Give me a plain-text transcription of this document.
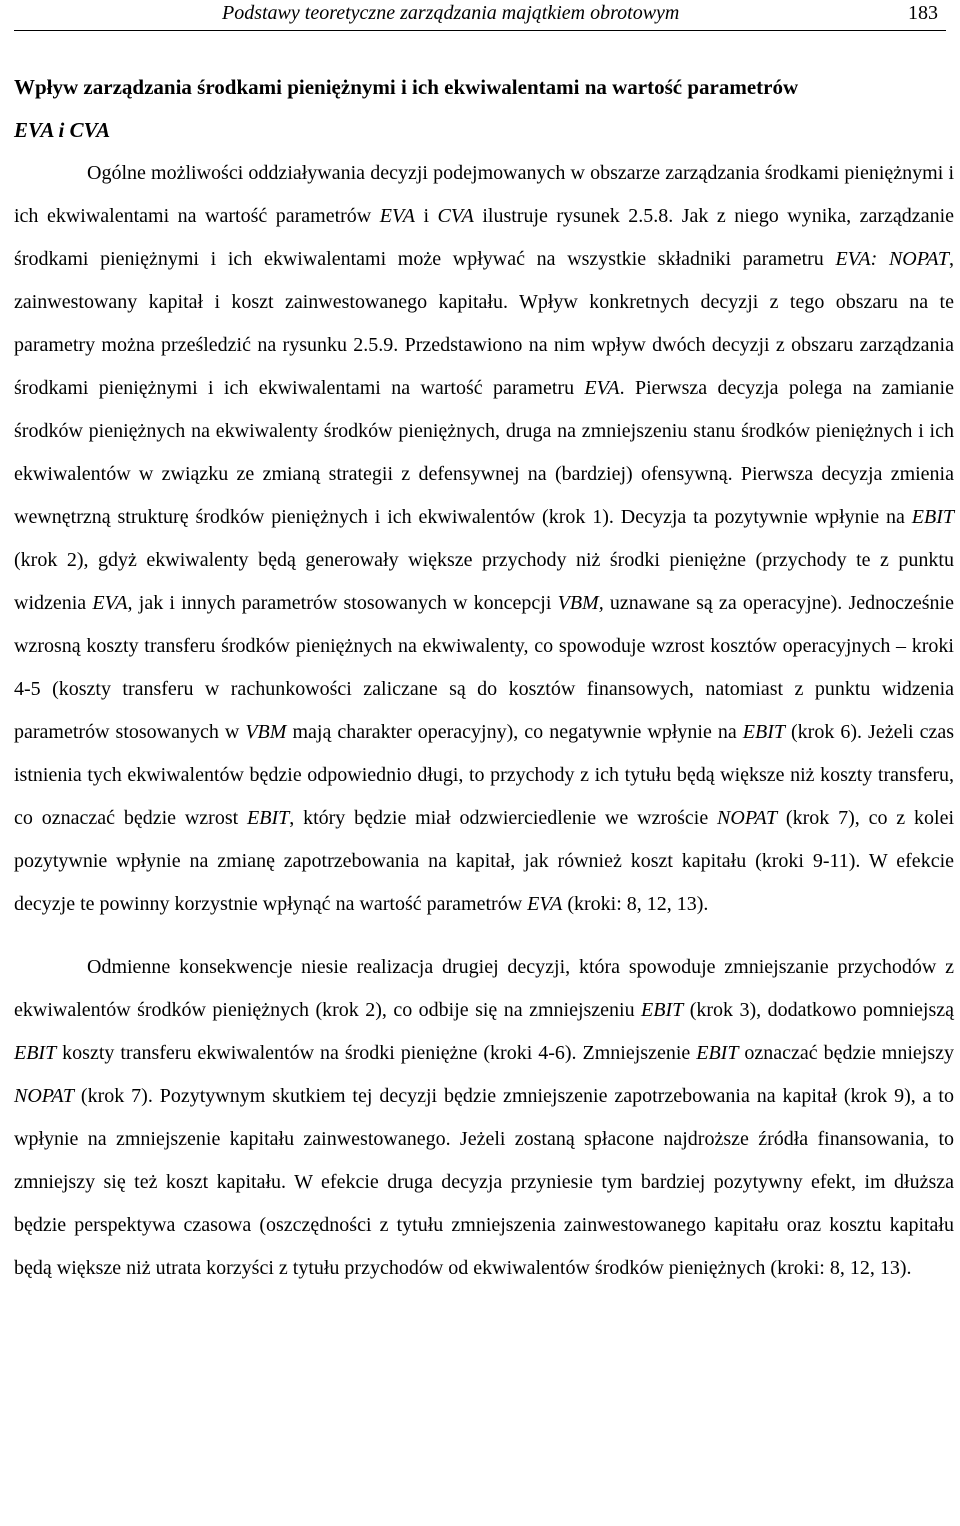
Podstawy teoretyczne zarządzania majątkiem obrotowym	183
Wpływ zarządzania środkami pieniężnymi i ich ekwiwalentami na wartość parametrów
EVA i CVA

Ogólne możliwości oddziaływania decyzji podejmowanych w obszarze zarządzania środkami pieniężnymi i ich ekwiwalentami na wartość parametrów EVA i CVA ilustruje rysunek 2.5.8. Jak z niego wynika, zarządzanie środkami pieniężnymi i ich ekwiwalentami może wpływać na wszystkie składniki parametru EVA: NOPAT, zainwestowany kapitał i koszt zainwestowanego kapitału. Wpływ konkretnych decyzji z tego obszaru na te parametry można prześledzić na rysunku 2.5.9. Przedstawiono na nim wpływ dwóch decyzji z obszaru zarządzania środkami pieniężnymi i ich ekwiwalentami na wartość parametru EVA. Pierwsza decyzja polega na zamianie środków pieniężnych na ekwiwalenty środków pieniężnych, druga na zmniejszeniu stanu środków pieniężnych i ich ekwiwalentów w związku ze zmianą strategii z defensywnej na (bardziej) ofensywną. Pierwsza decyzja zmienia wewnętrzną strukturę środków pieniężnych i ich ekwiwalentów (krok 1). Decyzja ta pozytywnie wpłynie na EBIT (krok 2), gdyż ekwiwalenty będą generowały większe przychody niż środki pieniężne (przychody te z punktu widzenia EVA, jak i innych parametrów stosowanych w koncepcji VBM, uznawane są za operacyjne). Jednocześnie wzrosną koszty transferu środków pieniężnych na ekwiwalenty, co spowoduje wzrost kosztów operacyjnych – kroki 4-5 (koszty transferu w rachunkowości zaliczane są do kosztów finansowych, natomiast z punktu widzenia parametrów stosowanych w VBM mają charakter operacyjny), co negatywnie wpłynie na EBIT (krok 6). Jeżeli czas istnienia tych ekwiwalentów będzie odpowiednio długi, to przychody z ich tytułu będą większe niż koszty transferu, co oznaczać będzie wzrost EBIT, który będzie miał odzwierciedlenie we wzroście NOPAT (krok 7), co z kolei pozytywnie wpłynie na zmianę zapotrzebowania na kapitał, jak również koszt kapitału (kroki 9-11). W efekcie decyzje te powinny korzystnie wpłynąć na wartość parametrów EVA (kroki: 8, 12, 13).

Odmienne konsekwencje niesie realizacja drugiej decyzji, która spowoduje zmniejszanie przychodów z ekwiwalentów środków pieniężnych (krok 2), co odbije się na zmniejszeniu EBIT (krok 3), dodatkowo pomniejszą EBIT koszty transferu ekwiwalentów na środki pieniężne (kroki 4-6). Zmniejszenie EBIT oznaczać będzie mniejszy NOPAT (krok 7). Pozytywnym skutkiem tej decyzji będzie zmniejszenie zapotrzebowania na kapitał (krok 9), a to wpłynie na zmniejszenie kapitału zainwestowanego. Jeżeli zostaną spłacone najdroższe źródła finansowania, to zmniejszy się też koszt kapitału. W efekcie druga decyzja przyniesie tym bardziej pozytywny efekt, im dłuższa będzie perspektywa czasowa (oszczędności z tytułu zmniejszenia zainwestowanego kapitału oraz kosztu kapitału będą większe niż utrata korzyści z tytułu przychodów od ekwiwalentów środków pieniężnych (kroki: 8, 12, 13).
